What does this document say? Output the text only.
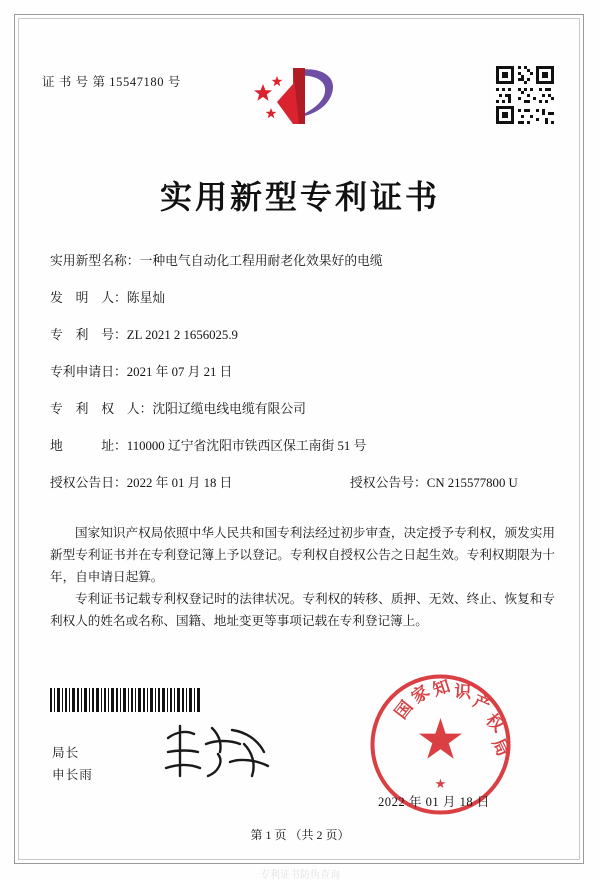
证 书 号 第 15547180 号
实用新型专利证书
实用新型名称：一种电气自动化工程用耐老化效果好的电缆
发　明　人：陈星灿
专　利　号：ZL 2021 2 1656025.9
专利申请日：2021 年 07 月 21 日
专　利　权　人：沈阳辽缆电线电缆有限公司
地　　　址：110000 辽宁省沈阳市铁西区保工南街 51 号
授权公告日：2022 年 01 月 18 日	授权公告号：CN 215577800 U
国家知识产权局依照中华人民共和国专利法经过初步审查，决定授予专利权，颁发实用新型专利证书并在专利登记簿上予以登记。专利权自授权公告之日起生效。专利权期限为十年，自申请日起算。
专利证书记载专利权登记时的法律状况。专利权的转移、质押、无效、终止、恢复和专利权人的姓名或名称、国籍、地址变更等事项记载在专利登记簿上。
国
家
知 识
产
权
局
★
局长
申长雨
2022 年 01 月 18 日
第 1 页 （共 2 页）
专利证书防伪查询
